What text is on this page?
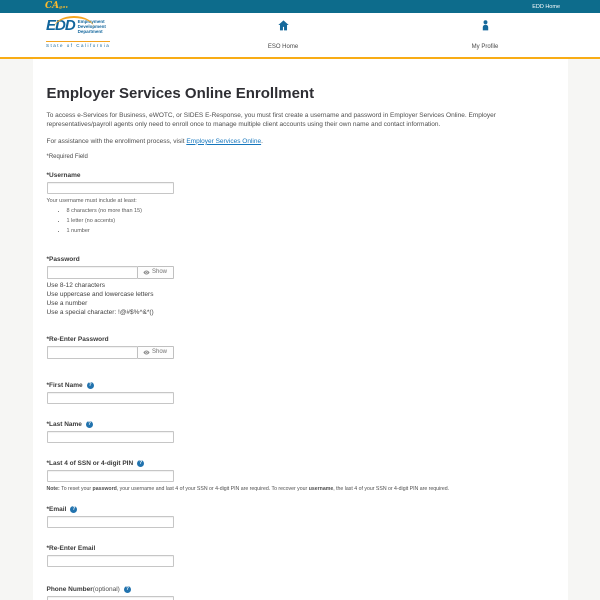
CAgov	EDD Home
EDD Employment
Development
Department
State of California	ESO Home	My Profile
Employer Services Online Enrollment

To access e-Services for Business, eWOTC, or SIDES E-Response, you must first create a username and password in Employer Services Online. Employer representatives/payroll agents only need to enroll once to manage multiple client accounts using their own name and contact information.

For assistance with the enrollment process, visit Employer Services Online.

*Required Field
*Username
Your username must include at least:
• 8 characters (no more than 15)
• 1 letter (no accents)
• 1 number
*Password
Show
Use 8-12 characters
Use uppercase and lowercase letters
Use a number
Use a special character: !@#$%^&*()
*Re-Enter Password
Show
*First Name	?
*Last Name	?
*Last 4 of SSN or 4-digit PIN	?
Note: To reset your password, your username and last 4 of your SSN or 4-digit PIN are required. To recover your username, the last 4 of your SSN or 4-digit PIN are required.
*Email	?
*Re-Enter Email
Phone Number (optional)	?
